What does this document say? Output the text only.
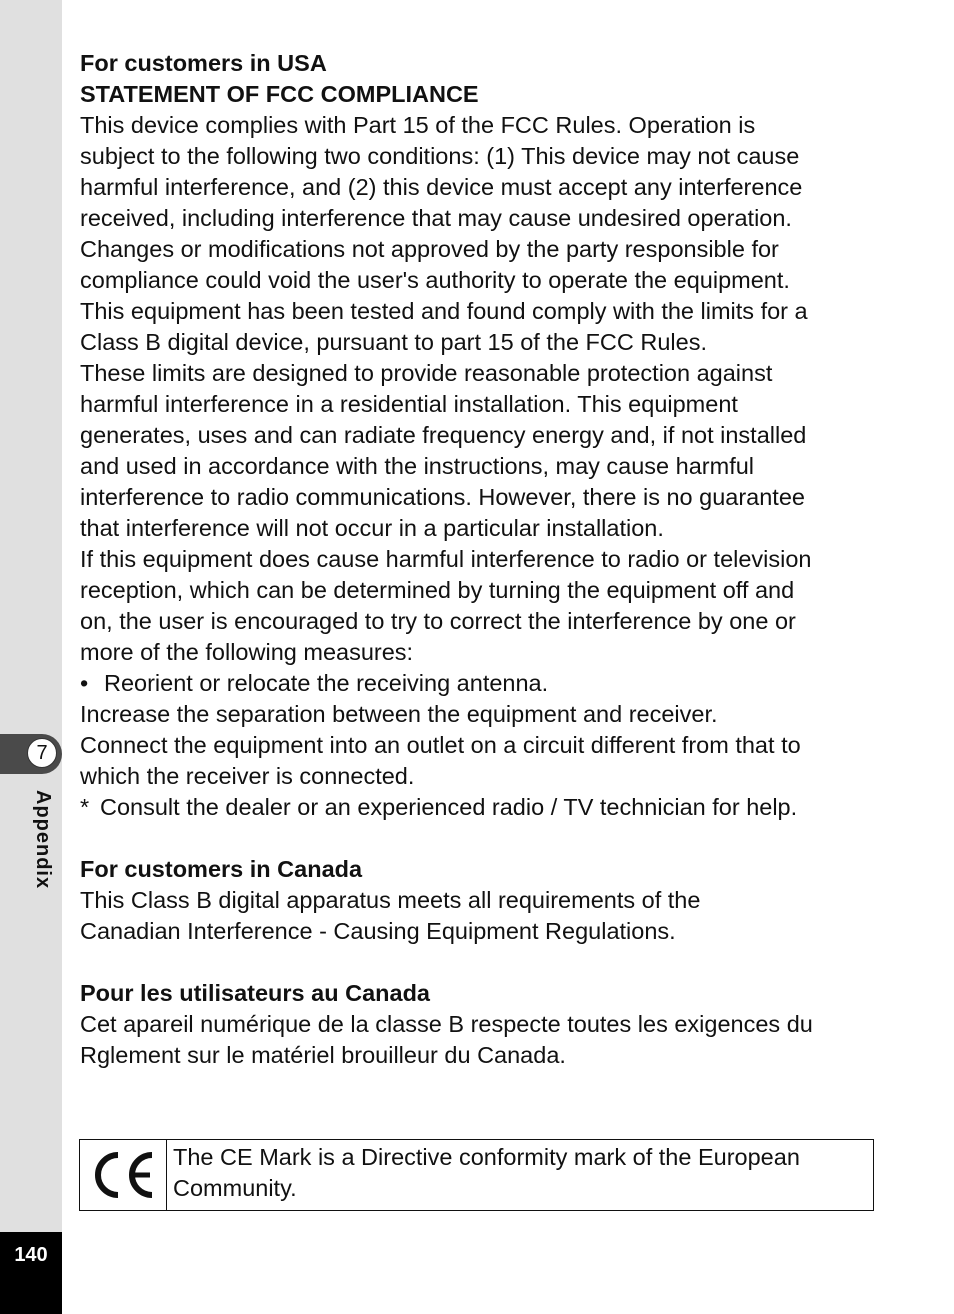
7
Appendix
140

For customers in USA

STATEMENT OF FCC COMPLIANCE

This device complies with Part 15 of the FCC Rules. Operation is

subject to the following two conditions: (1) This device may not cause

harmful interference, and (2) this device must accept any interference

received, including interference that may cause undesired operation.

Changes or modifications not approved by the party responsible for

compliance could void the user's authority to operate the equipment.

This equipment has been tested and found comply with the limits for a

Class B digital device, pursuant to part 15 of the FCC Rules.

These limits are designed to provide reasonable protection against

harmful interference in a residential installation. This equipment

generates, uses and can radiate frequency energy and, if not installed

and used in accordance with the instructions, may cause harmful

interference to radio communications. However, there is no guarantee

that interference will not occur in a particular installation.

If this equipment does cause harmful interference to radio or television

reception, which can be determined by turning the equipment off and

on, the user is encouraged to try to correct the interference by one or

more of the following measures:

• Reorient or relocate the receiving antenna.

Increase the separation between the equipment and receiver.

Connect the equipment into an outlet on a circuit different from that to

which the receiver is connected.

* Consult the dealer or an experienced radio / TV technician for help.

For customers in Canada

This Class B digital apparatus meets all requirements of the

Canadian Interference - Causing Equipment Regulations.

Pour les utilisateurs au Canada

Cet apareil numérique de la classe B respecte toutes les exigences du

Rglement sur le matériel brouilleur du Canada.

The CE Mark is a Directive conformity mark of the European
Community.
